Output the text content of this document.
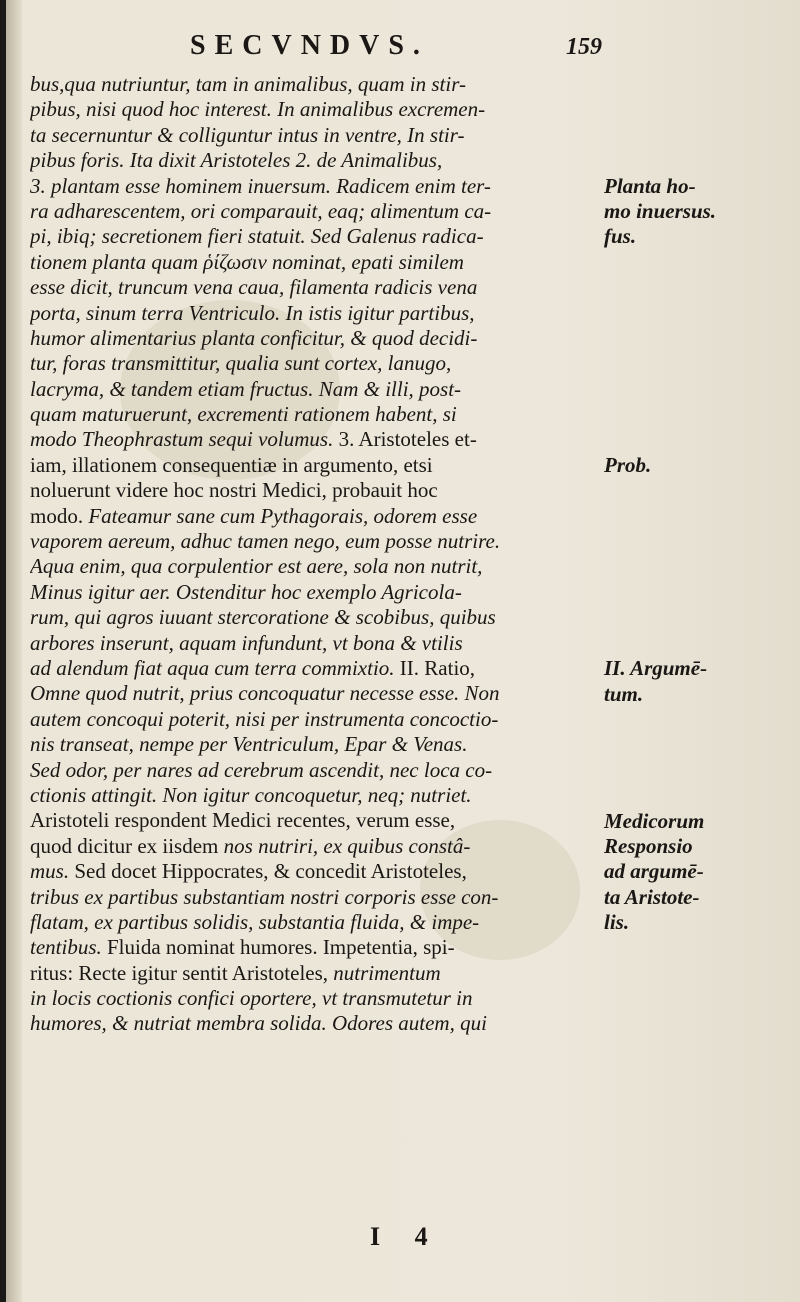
SECVNDVS.	159
bus,qua nutriuntur, tam in animalibus, quam in stir-
pibus, nisi quod hoc interest. In animalibus excremen-
ta secernuntur & colliguntur intus in ventre, In stir-
pibus foris. Ita dixit Aristoteles 2. de Animalibus,
3. plantam esse hominem inuersum. Radicem enim ter-
ra adharescentem, ori comparauit, eaq; alimentum ca-
pi, ibiq; secretionem fieri statuit. Sed Galenus radica-
tionem planta quam ῥίζωσιν nominat, epati similem
esse dicit, truncum vena caua, filamenta radicis vena
porta, sinum terra Ventriculo. In istis igitur partibus,
humor alimentarius planta conficitur, & quod decidi-
tur, foras transmittitur, qualia sunt cortex, lanugo,
lacryma, & tandem etiam fructus. Nam & illi, post-
quam maturuerunt, excrementi rationem habent, si
modo Theophrastum sequi volumus. 3. Aristoteles et-
iam, illationem consequentiæ in argumento, etsi
noluerunt videre hoc nostri Medici, probauit hoc
modo. Fateamur sane cum Pythagorais, odorem esse
vaporem aereum, adhuc tamen nego, eum posse nutrire.
Aqua enim, qua corpulentior est aere, sola non nutrit,
Minus igitur aer. Ostenditur hoc exemplo Agricola-
rum, qui agros iuuant stercoratione & scobibus, quibus
arbores inserunt, aquam infundunt, vt bona & vtilis
ad alendum fiat aqua cum terra commixtio. II. Ratio,
Omne quod nutrit, prius concoquatur necesse esse. Non
autem concoqui poterit, nisi per instrumenta concoctio-
nis transeat, nempe per Ventriculum, Epar & Venas.
Sed odor, per nares ad cerebrum ascendit, nec loca co-
ctionis attingit. Non igitur concoquetur, neq; nutriet.
Aristoteli respondent Medici recentes, verum esse,
quod dicitur ex iisdem nos nutriri, ex quibus constâ-
mus. Sed docet Hippocrates, & concedit Aristoteles,
tribus ex partibus substantiam nostri corporis esse con-
flatam, ex partibus solidis, substantia fluida, & impe-
tentibus. Fluida nominat humores. Impetentia, spi-
ritus: Recte igitur sentit Aristoteles, nutrimentum
in locis coctionis confici oportere, vt transmutetur in
humores, & nutriat membra solida. Odores autem, qui
Planta ho-
mo inuersus.
fus.
Prob.
II. Argumē-
tum.
Medicorum
Responsio
ad argumē-
ta Aristote-
lis.
I 4
